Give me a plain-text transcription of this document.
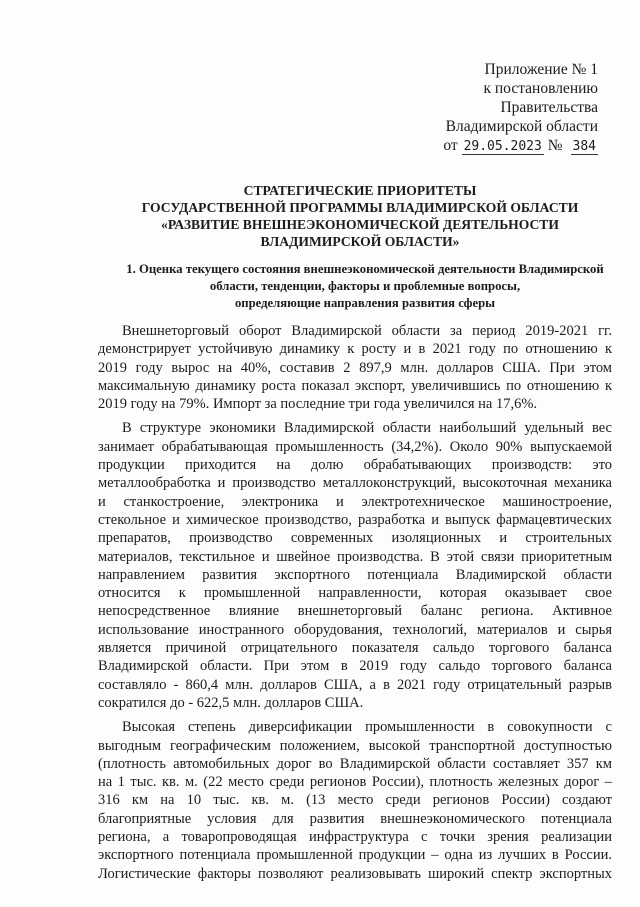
Приложение № 1
к постановлению
Правительства
Владимирской области
от 29.05.2023 № 384
СТРАТЕГИЧЕСКИЕ ПРИОРИТЕТЫ
ГОСУДАРСТВЕННОЙ ПРОГРАММЫ ВЛАДИМИРСКОЙ ОБЛАСТИ
«РАЗВИТИЕ ВНЕШНЕЭКОНОМИЧЕСКОЙ ДЕЯТЕЛЬНОСТИ
ВЛАДИМИРСКОЙ ОБЛАСТИ»
1. Оценка текущего состояния внешнеэкономической деятельности Владимирской
области, тенденции, факторы и проблемные вопросы,
определяющие направления развития сферы

Внешнеторговый оборот Владимирской области за период 2019-2021 гг.
демонстрирует устойчивую динамику к росту и в 2021 году по отношению к
2019 году вырос на 40%, составив 2 897,9 млн. долларов США. При этом
максимальную динамику роста показал экспорт, увеличившись по отношению к
2019 году на 79%. Импорт за последние три года увеличился на 17,6%.

В структуре экономики Владимирской области наибольший удельный вес
занимает обрабатывающая промышленность (34,2%). Около 90% выпускаемой
продукции приходится на долю обрабатывающих производств: это
металлообработка и производство металлоконструкций, высокоточная механика
и станкостроение, электроника и электротехническое машиностроение,
стекольное и химическое производство, разработка и выпуск фармацевтических
препаратов, производство современных изоляционных и строительных
материалов, текстильное и швейное производства. В этой связи приоритетным
направлением развития экспортного потенциала Владимирской области
относится к промышленной направленности, которая оказывает свое
непосредственное влияние внешнеторговый баланс региона. Активное
использование иностранного оборудования, технологий, материалов и сырья
является причиной отрицательного показателя сальдо торгового баланса
Владимирской области. При этом в 2019 году сальдо торгового баланса
составляло - 860,4 млн. долларов США, а в 2021 году отрицательный разрыв
сократился до - 622,5 млн. долларов США.

Высокая степень диверсификации промышленности в совокупности с
выгодным географическим положением, высокой транспортной доступностью
(плотность автомобильных дорог во Владимирской области составляет 357 км
на 1 тыс. кв. м. (22 место среди регионов России), плотность железных дорог –
316 км на 10 тыс. кв. м. (13 место среди регионов России) создают
благоприятные условия для развития внешнеэкономического потенциала
региона, а товаропроводящая инфраструктура с точки зрения реализации
экспортного потенциала промышленной продукции – одна из лучших в России.
Логистические факторы позволяют реализовывать широкий спектр экспортных
